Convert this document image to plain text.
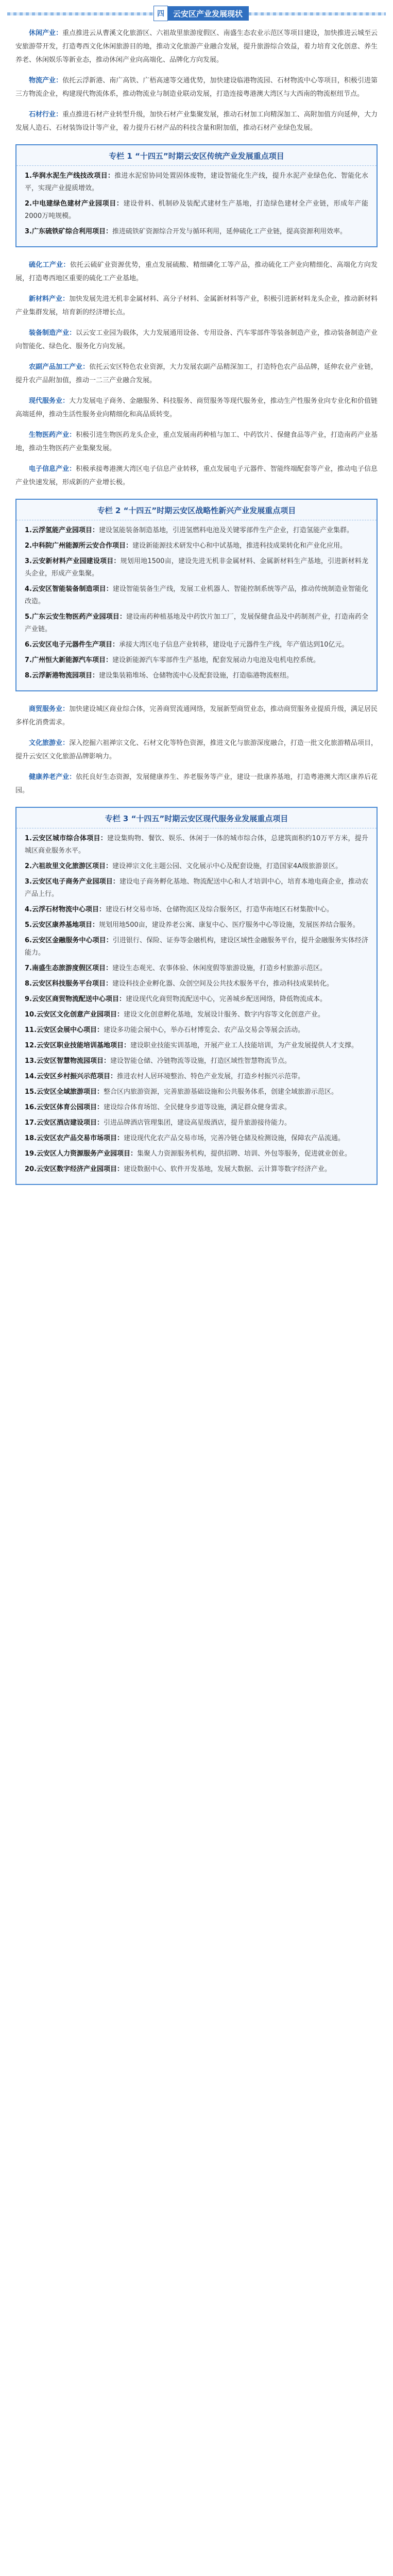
四	云安区产业发展现状

休闲产业：重点推进云从曹溪文化旅游区、六祖故里旅游度假区、南盛生态农业示范区等项目建设，加快推进云城至云安旅游带开发，打造粤西文化休闲旅游目的地，推动文化旅游产业融合发展，提升旅游综合效益，着力培育文化创意、养生养老、休闲娱乐等新业态，推动休闲产业向高端化、品牌化方向发展。

物流产业：依托云浮新港、南广高铁、广梧高速等交通优势，加快建设临港物流园、石材物流中心等项目，积极引进第三方物流企业，构建现代物流体系，推动物流业与制造业联动发展，打造连接粤港澳大湾区与大西南的物流枢纽节点。

石材行业：重点推进石材产业转型升级，加快石材产业集聚发展，推动石材加工向精深加工、高附加值方向延伸，大力发展人造石、石材装饰设计等产业，着力提升石材产品的科技含量和附加值，推动石材产业绿色发展。

专栏 1 “十四五”时期云安区传统产业发展重点项目
1.华润水泥生产线技改项目：推进水泥窑协同处置固体废物，建设智能化生产线，提升水泥产业绿色化、智能化水平，实现产业提质增效。
2.中电建绿色建材产业园项目：建设骨料、机制砂及装配式建材生产基地，打造绿色建材全产业链，形成年产能2000万吨规模。
3.广东硫铁矿综合利用项目：推进硫铁矿资源综合开发与循环利用，延伸硫化工产业链，提高资源利用效率。

硫化工产业：依托云硫矿业资源优势，重点发展硫酸、精细磷化工等产品，推动硫化工产业向精细化、高端化方向发展，打造粤西地区重要的硫化工产业基地。

新材料产业：加快发展先进无机非金属材料、高分子材料、金属新材料等产业，积极引进新材料龙头企业，推动新材料产业集群发展，培育新的经济增长点。

装备制造产业：以云安工业园为载体，大力发展通用设备、专用设备、汽车零部件等装备制造产业，推动装备制造产业向智能化、绿色化、服务化方向发展。

农副产品加工产业：依托云安区特色农业资源，大力发展农副产品精深加工，打造特色农产品品牌，延伸农业产业链，提升农产品附加值，推动一二三产业融合发展。

现代服务业：大力发展电子商务、金融服务、科技服务、商贸服务等现代服务业，推动生产性服务业向专业化和价值链高端延伸，推动生活性服务业向精细化和高品质转变。

生物医药产业：积极引进生物医药龙头企业，重点发展南药种植与加工、中药饮片、保健食品等产业，打造南药产业基地，推动生物医药产业集聚发展。

电子信息产业：积极承接粤港澳大湾区电子信息产业转移，重点发展电子元器件、智能终端配套等产业，推动电子信息产业快速发展，形成新的产业增长极。

专栏 2 “十四五”时期云安区战略性新兴产业发展重点项目
1.云浮氢能产业园项目：建设氢能装备制造基地，引进氢燃料电池及关键零部件生产企业，打造氢能产业集群。
2.中科院广州能源所云安合作项目：建设新能源技术研发中心和中试基地，推进科技成果转化和产业化应用。
3.云安新材料产业园建设项目：规划用地1500亩，建设先进无机非金属材料、金属新材料生产基地，引进新材料龙头企业，形成产业集聚。
4.云安区智能装备制造项目：建设智能装备生产线，发展工业机器人、智能控制系统等产品，推动传统制造业智能化改造。
5.广东云安生物医药产业园项目：建设南药种植基地及中药饮片加工厂，发展保健食品及中药制剂产业，打造南药全产业链。
6.云安区电子元器件生产项目：承接大湾区电子信息产业转移，建设电子元器件生产线，年产值达到10亿元。
7.广州恒大新能源汽车项目：建设新能源汽车零部件生产基地，配套发展动力电池及电机电控系统。
8.云浮新港物流园项目：建设集装箱堆场、仓储物流中心及配套设施，打造临港物流枢纽。

商贸服务业：加快建设城区商业综合体，完善商贸流通网络，发展新型商贸业态，推动商贸服务业提质升级，满足居民多样化消费需求。

文化旅游业：深入挖掘六祖禅宗文化、石材文化等特色资源，推进文化与旅游深度融合，打造一批文化旅游精品项目，提升云安区文化旅游品牌影响力。

健康养老产业：依托良好生态资源，发展健康养生、养老服务等产业，建设一批康养基地，打造粤港澳大湾区康养后花园。

专栏 3 “十四五”时期云安区现代服务业发展重点项目
1.云安区城市综合体项目：建设集购物、餐饮、娱乐、休闲于一体的城市综合体，总建筑面积约10万平方米，提升城区商业服务水平。
2.六祖故里文化旅游区项目：建设禅宗文化主题公园、文化展示中心及配套设施，打造国家4A级旅游景区。
3.云安区电子商务产业园项目：建设电子商务孵化基地、物流配送中心和人才培训中心，培育本地电商企业，推动农产品上行。
4.云浮石材物流中心项目：建设石材交易市场、仓储物流区及综合服务区，打造华南地区石材集散中心。
5.云安区康养基地项目：规划用地500亩，建设养老公寓、康复中心、医疗服务中心等设施，发展医养结合服务。
6.云安区金融服务中心项目：引进银行、保险、证券等金融机构，建设区域性金融服务平台，提升金融服务实体经济能力。
7.南盛生态旅游度假区项目：建设生态观光、农事体验、休闲度假等旅游设施，打造乡村旅游示范区。
8.云安区科技服务平台项目：建设科技企业孵化器、众创空间及公共技术服务平台，推动科技成果转化。
9.云安区商贸物流配送中心项目：建设现代化商贸物流配送中心，完善城乡配送网络，降低物流成本。
10.云安区文化创意产业园项目：建设文化创意孵化基地，发展设计服务、数字内容等文化创意产业。
11.云安区会展中心项目：建设多功能会展中心，举办石材博览会、农产品交易会等展会活动。
12.云安区职业技能培训基地项目：建设职业技能实训基地，开展产业工人技能培训，为产业发展提供人才支撑。
13.云安区智慧物流园项目：建设智能仓储、冷链物流等设施，打造区域性智慧物流节点。
14.云安区乡村振兴示范项目：推进农村人居环境整治、特色产业发展，打造乡村振兴示范带。
15.云安区全域旅游项目：整合区内旅游资源，完善旅游基础设施和公共服务体系，创建全域旅游示范区。
16.云安区体育公园项目：建设综合体育场馆、全民健身步道等设施，满足群众健身需求。
17.云安区酒店建设项目：引进品牌酒店管理集团，建设高星级酒店，提升旅游接待能力。
18.云安区农产品交易市场项目：建设现代化农产品交易市场，完善冷链仓储及检测设施，保障农产品流通。
19.云安区人力资源服务产业园项目：集聚人力资源服务机构，提供招聘、培训、外包等服务，促进就业创业。
20.云安区数字经济产业园项目：建设数据中心、软件开发基地，发展大数据、云计算等数字经济产业。
